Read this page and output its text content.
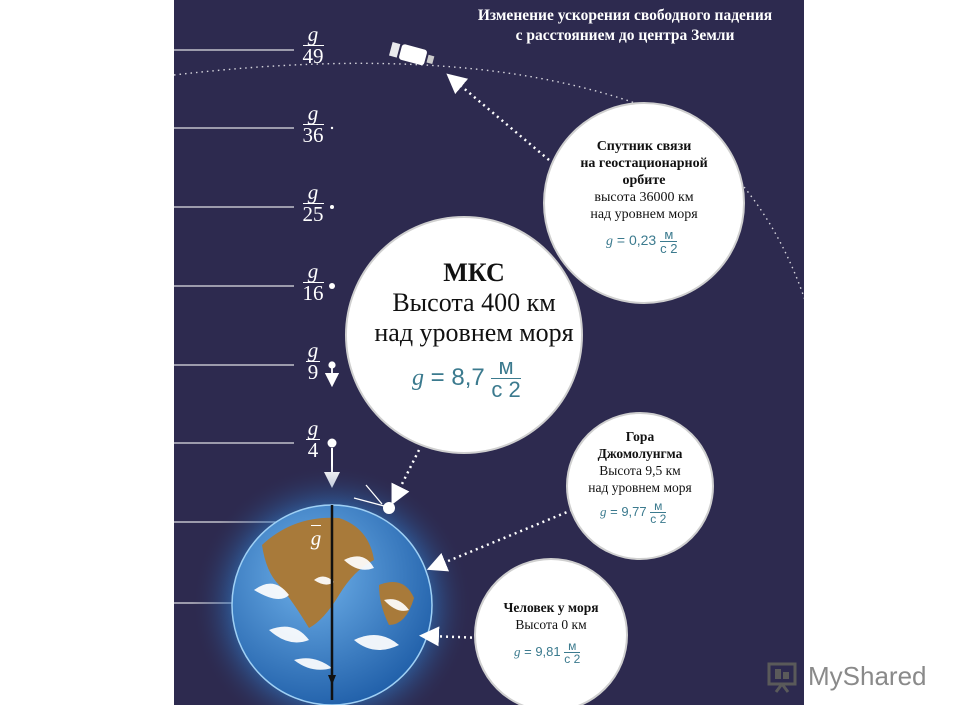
$\frac{g}{49}$
$\frac{g}{36}$
$\frac{g}{25}$
$\frac{g}{16}$
$\frac{g}{9}$
$\frac{g}{4}$
g
Спутник связи
на геостационарной
орбите
высота 36000 км
над уровнем моря
$g = 0,23 \frac{м}{с 2}$
МКС
Высота 400 км
над уровнем моря
$g = 8,7 \frac{м}{с 2}$
Гора
Джомолунгма
Высота 9,5 км
над уровнем моря
$g = 9,77 \frac{м}{с 2}$
Человек у моря
Высота 0 км
$g = 9,81 \frac{м}{с 2}$
Изменение ускорения свободного падения
с расстоянием до центра Земли
MyShared
